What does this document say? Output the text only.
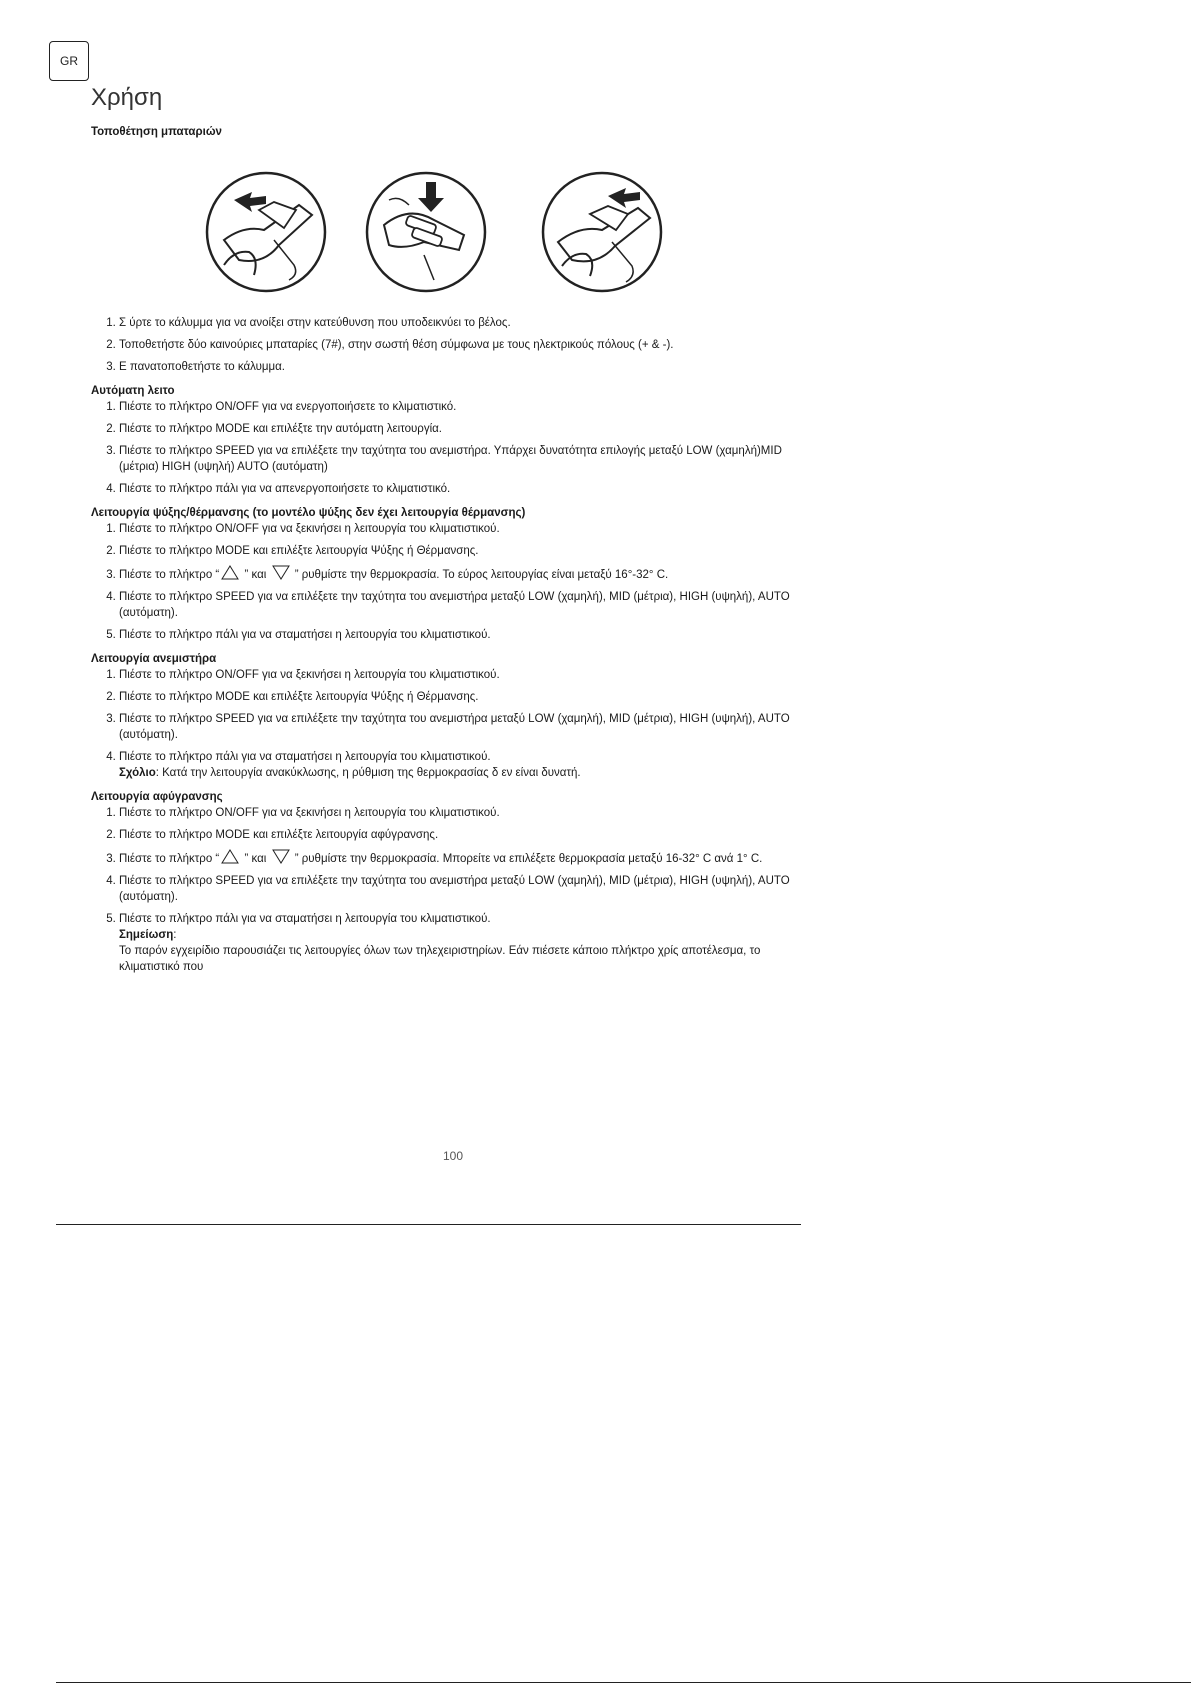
GR
Χρήση

Τοποθέτηση μπαταριών

1. Σ ύρτε το κάλυμμα για να ανοίξει στην κατεύθυνση που υποδεικνύει το βέλος.
2. Τοποθετήστε δύο καινούριες μπαταρίες (7#), στην σωστή θέση σύμφωνα με τους ηλεκτρικούς πόλους (+ & -).
3. Ε πανατοποθετήστε το κάλυμμα.

Αυτόματη λειτο

1. Πιέστε το πλήκτρο ON/OFF για να ενεργοποιήσετε το κλιματιστικό.
2. Πιέστε το πλήκτρο MODE και επιλέξτε την αυτόματη λειτουργία.
3. Πιέστε το πλήκτρο SPEED για να επιλέξετε την ταχύτητα του ανεμιστήρα. Υπάρχει δυνατότητα επιλογής μεταξύ LOW (χαμηλή)MID (μέτρια) HIGH (υψηλή) AUTO (αυτόματη)
4. Πιέστε το πλήκτρο πάλι για να απενεργοποιήσετε το κλιματιστικό.

Λειτουργία ψύξης/θέρμανσης (το μοντέλο ψύξης δεν έχει λειτουργία θέρμανσης)

1. Πιέστε το πλήκτρο ON/OFF για να ξεκινήσει η λειτουργία του κλιματιστικού.
2. Πιέστε το πλήκτρο MODE και επιλέξτε λειτουργία Ψύξης ή Θέρμανσης.
3. Πιέστε το πλήκτρο “ ” και  ” ρυθμίστε την θερμοκρασία. Το εύρος λειτουργίας είναι μεταξύ 16°-32° C.
4. Πιέστε το πλήκτρο SPEED για να επιλέξετε την ταχύτητα του ανεμιστήρα μεταξύ LOW (χαμηλή), MID (μέτρια), HIGH (υψηλή), AUTO (αυτόματη).
5. Πιέστε το πλήκτρο πάλι για να σταματήσει η λειτουργία του κλιματιστικού.

Λειτουργία ανεμιστήρα

1. Πιέστε το πλήκτρο ON/OFF για να ξεκινήσει η λειτουργία του κλιματιστικού.
2. Πιέστε το πλήκτρο MODE και επιλέξτε λειτουργία Ψύξης ή Θέρμανσης.
3. Πιέστε το πλήκτρο SPEED για να επιλέξετε την ταχύτητα του ανεμιστήρα μεταξύ LOW (χαμηλή), MID (μέτρια), HIGH (υψηλή), AUTO (αυτόματη).
4. Πιέστε το πλήκτρο πάλι για να σταματήσει η λειτουργία του κλιματιστικού.
Σχόλιο: Κατά την λειτουργία ανακύκλωσης, η ρύθμιση της θερμοκρασίας δ εν είναι δυνατή.

Λειτουργία αφύγρανσης

1. Πιέστε το πλήκτρο ON/OFF για να ξεκινήσει η λειτουργία του κλιματιστικού.
2. Πιέστε το πλήκτρο MODE και επιλέξτε λειτουργία αφύγρανσης.
3. Πιέστε το πλήκτρο “ ” και  ” ρυθμίστε την θερμοκρασία. Μπορείτε να επιλέξετε θερμοκρασία μεταξύ 16-32° C ανά 1° C.
4. Πιέστε το πλήκτρο SPEED για να επιλέξετε την ταχύτητα του ανεμιστήρα μεταξύ LOW (χαμηλή), MID (μέτρια), HIGH (υψηλή), AUTO (αυτόματη).
5. Πιέστε το πλήκτρο πάλι για να σταματήσει η λειτουργία του κλιματιστικού.
Σημείωση:
Το παρόν εγχειρίδιο παρουσιάζει τις λειτουργίες όλων των τηλεχειριστηρίων. Εάν πιέσετε κάποιο πλήκτρο χρίς αποτέλεσμα, το κλιματιστικό που
100
